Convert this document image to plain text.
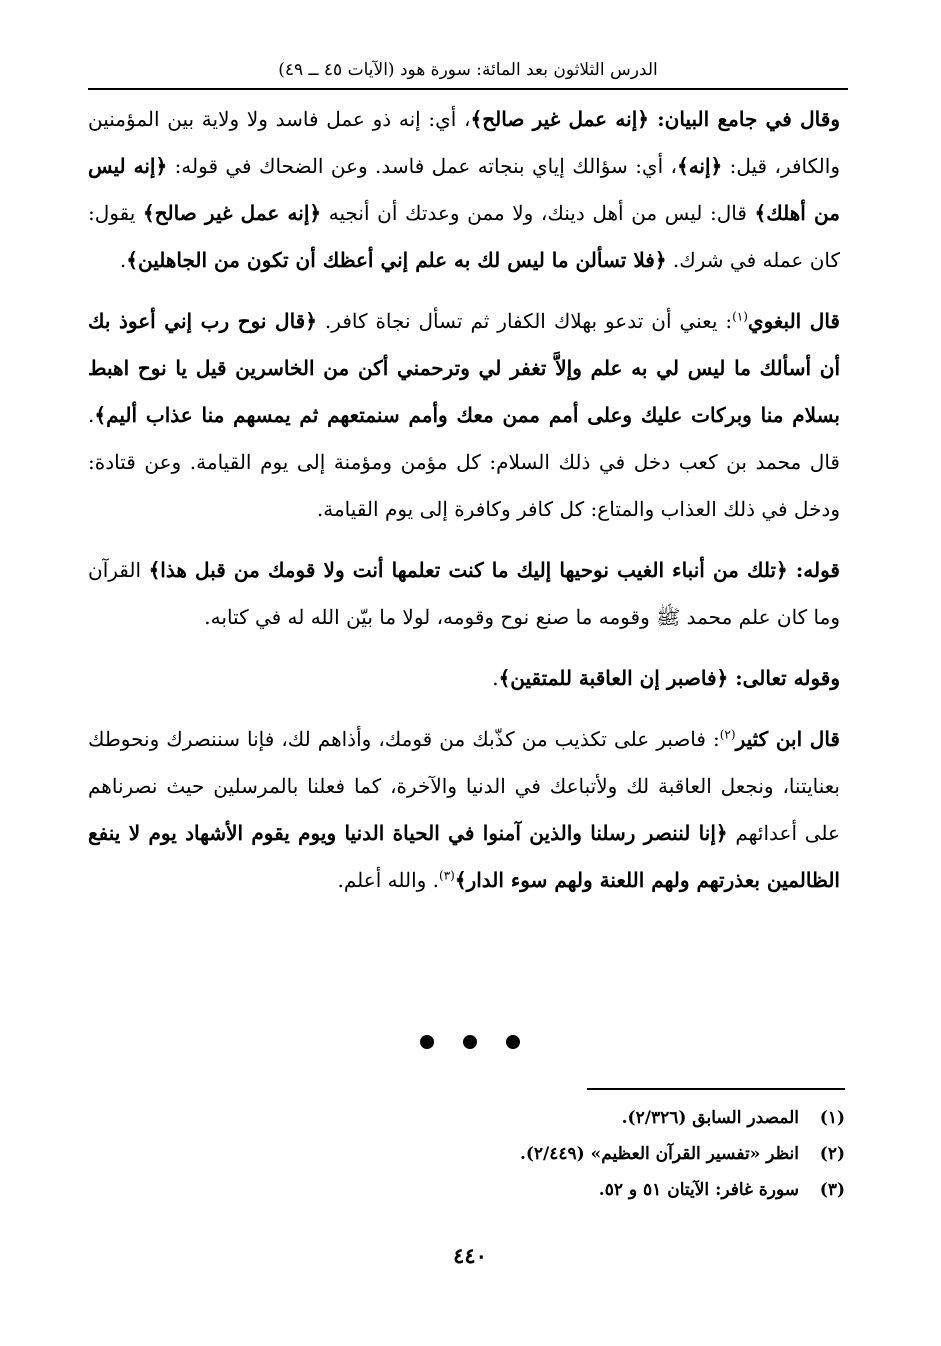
الدرس الثلاثون بعد المائة: سورة هود (الآيات ٤٥ ــ ٤٩)

وقال في جامع البيان: ﴿إنه عمل غير صالح﴾، أي: إنه ذو عمل فاسد ولا ولاية بين المؤمنين والكافر، قيل: ﴿إنه﴾، أي: سؤالك إياي بنجاته عمل فاسد. وعن الضحاك في قوله: ﴿إنه ليس من أهلك﴾ قال: ليس من أهل دينك، ولا ممن وعدتك أن أنجيه ﴿إنه عمل غير صالح﴾ يقول: كان عمله في شرك. ﴿فلا تسألن ما ليس لك به علم إني أعظك أن تكون من الجاهلين﴾.

قال البغوي$^{(١)}$: يعني أن تدعو بهلاك الكفار ثم تسأل نجاة كافر. ﴿قال نوح رب إني أعوذ بك أن أسألك ما ليس لي به علم وإلاَّ تغفر لي وترحمني أكن من الخاسرين قيل يا نوح اهبط بسلام منا وبركات عليك وعلى أمم ممن معك وأمم سنمتعهم ثم يمسهم منا عذاب أليم﴾. قال محمد بن كعب دخل في ذلك السلام: كل مؤمن ومؤمنة إلى يوم القيامة. وعن قتادة: ودخل في ذلك العذاب والمتاع: كل كافر وكافرة إلى يوم القيامة.

قوله: ﴿تلك من أنباء الغيب نوحيها إليك ما كنت تعلمها أنت ولا قومك من قبل هذا﴾ القرآن وما كان علم محمد ﷺ وقومه ما صنع نوح وقومه، لولا ما بيّن الله له في كتابه.

وقوله تعالى: ﴿فاصبر إن العاقبة للمتقين﴾.

قال ابن كثير$^{(٢)}$: فاصبر على تكذيب من كذّبك من قومك، وأذاهم لك، فإنا سننصرك ونحوطك بعنايتنا، ونجعل العاقبة لك ولأتباعك في الدنيا والآخرة، كما فعلنا بالمرسلين حيث نصرناهم على أعدائهم ﴿إنا لننصر رسلنا والذين آمنوا في الحياة الدنيا ويوم يقوم الأشهاد يوم لا ينفع الظالمين بعذرتهم ولهم اللعنة ولهم سوء الدار﴾$^{(٣)}$. والله أعلم.

(١)
المصدر السابق (٢/٣٢٦).
(٢)
انظر «تفسير القرآن العظيم» (٢/٤٤٩).
(٣)
سورة غافر: الآيتان ٥١ و ٥٢.
٤٤٠
